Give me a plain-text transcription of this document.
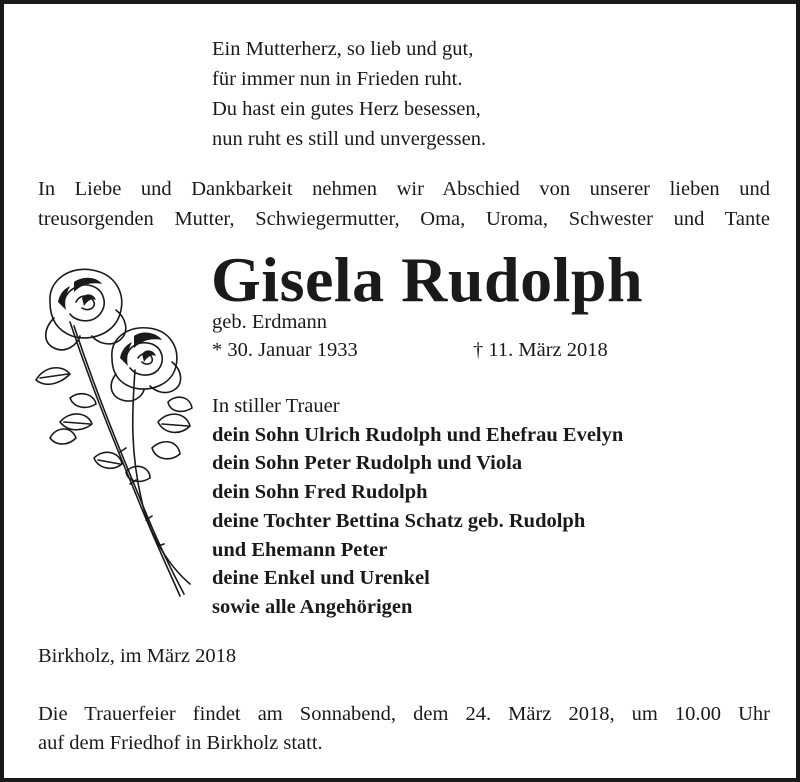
Ein Mutterherz, so lieb und gut,
für immer nun in Frieden ruht.
Du hast ein gutes Herz besessen,
nun ruht es still und unvergessen.
In Liebe und Dankbarkeit nehmen wir Abschied von unserer lieben und
treusorgenden Mutter, Schwiegermutter, Oma, Uroma, Schwester und Tante
Gisela Rudolph
geb. Erdmann
* 30. Januar 1933	† 11. März 2018
In stiller Trauer
dein Sohn Ulrich Rudolph und Ehefrau Evelyn
dein Sohn Peter Rudolph und Viola
dein Sohn Fred Rudolph
deine Tochter Bettina Schatz geb. Rudolph
und Ehemann Peter
deine Enkel und Urenkel
sowie alle Angehörigen
Birkholz, im März 2018
Die Trauerfeier findet am Sonnabend, dem 24. März 2018, um 10.00 Uhr
auf dem Friedhof in Birkholz statt.
